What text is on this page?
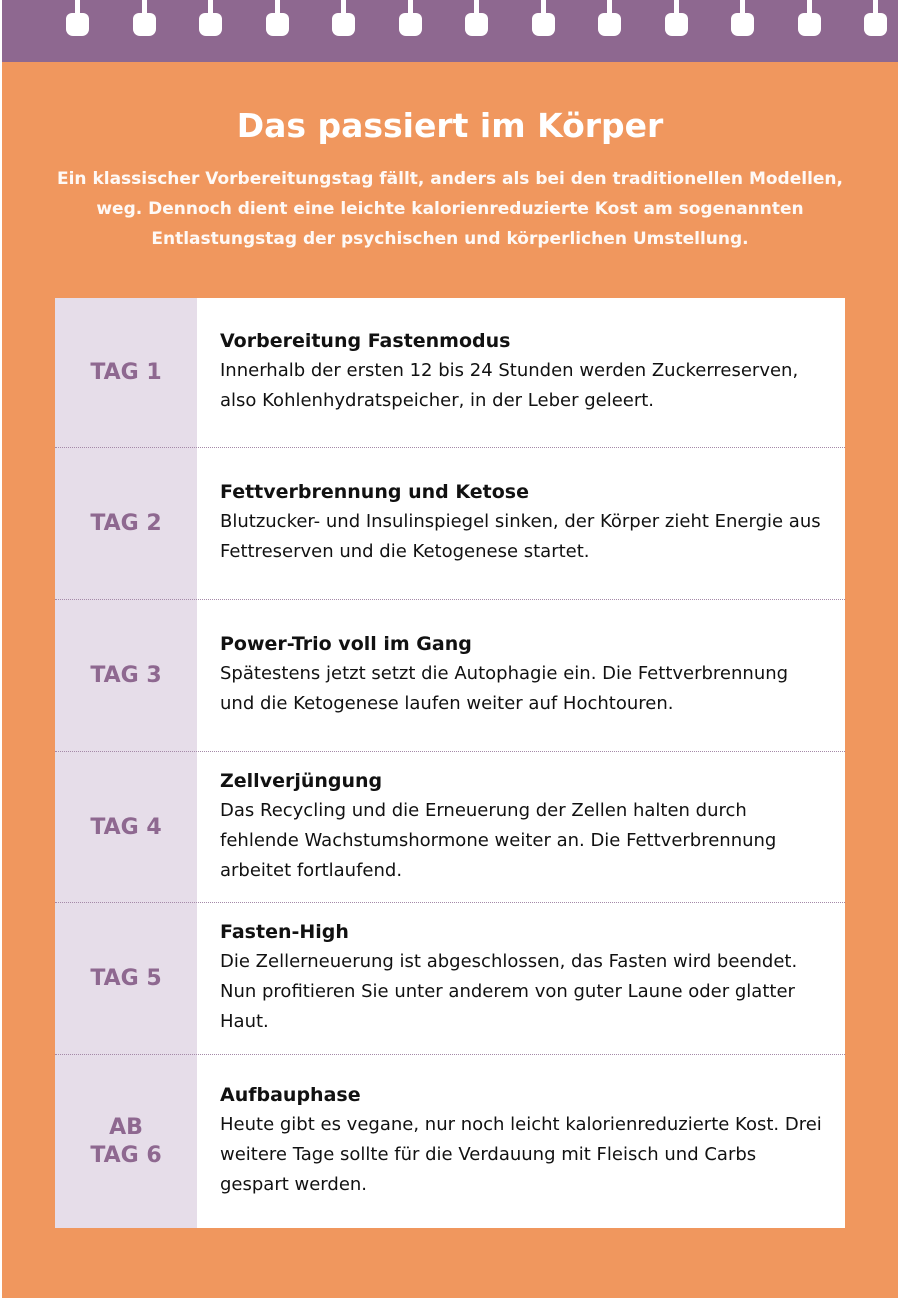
Das passiert im Körper
Ein klassischer Vorbereitungstag fällt, anders als bei den traditionellen Modellen, weg. Dennoch dient eine leichte kalorienreduzierte Kost am sogenannten Entlastungstag der psychischen und körperlichen Umstellung.
TAG 1
Vorbereitung Fastenmodus

Innerhalb der ersten 12 bis 24 Stunden werden Zuckerreserven, also Kohlenhydratspeicher, in der Leber geleert.

TAG 2
Fettverbrennung und Ketose

Blutzucker- und Insulinspiegel sinken, der Körper zieht Energie aus Fettreserven und die Ketogenese startet.

TAG 3
Power-Trio voll im Gang

Spätestens jetzt setzt die Autophagie ein. Die Fettverbrennung und die Ketogenese laufen weiter auf Hochtouren.

TAG 4
Zellverjüngung

Das Recycling und die Erneuerung der Zellen halten durch fehlende Wachstumshormone weiter an. Die Fettverbrennung arbeitet fortlaufend.

TAG 5
Fasten-High

Die Zellerneuerung ist abgeschlossen, das Fasten wird beendet. Nun profitieren Sie unter anderem von guter Laune oder glatter Haut.

AB TAG 6
Aufbauphase

Heute gibt es vegane, nur noch leicht kalorienreduzierte Kost. Drei weitere Tage sollte für die Verdauung mit Fleisch und Carbs gespart werden.
